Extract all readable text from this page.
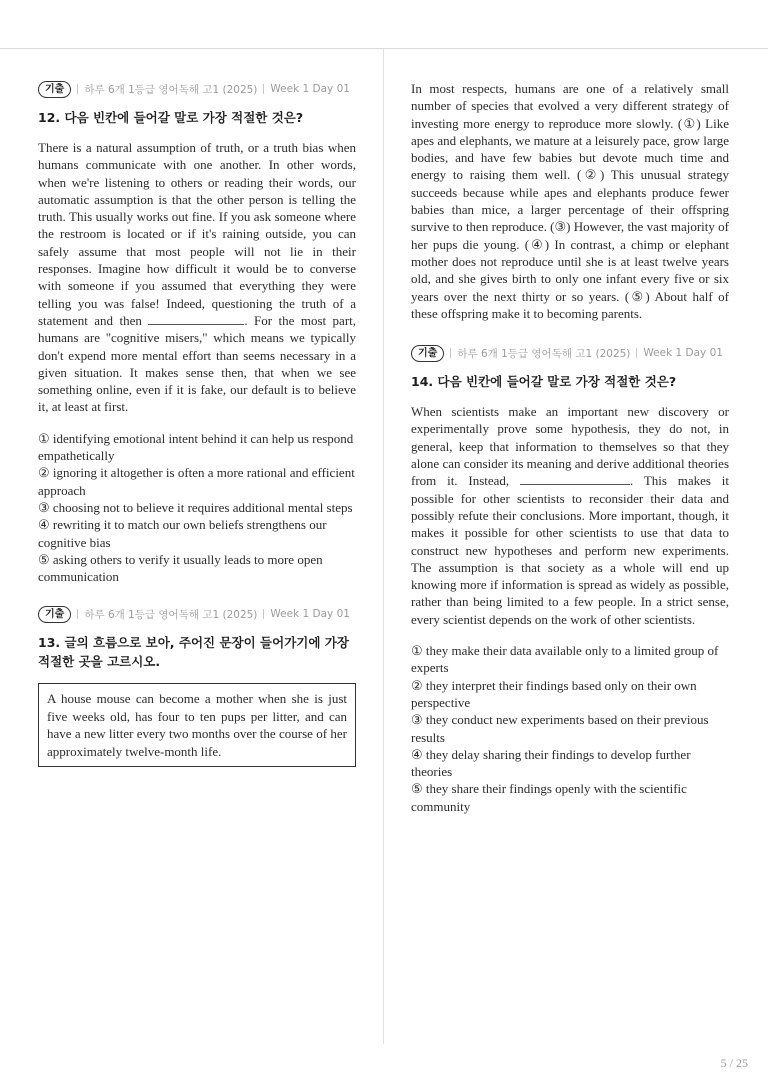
기출	하루 6개 1등급 영어독해 고1 (2025) Week 1 Day 01
12. 다음 빈칸에 들어갈 말로 가장 적절한 것은?

There is a natural assumption of truth, or a truth bias when humans communicate with one another. In other words, when we're listening to others or reading their words, our automatic assumption is that the other person is telling the truth. This usually works out fine. If you ask someone where the restroom is located or if it's raining outside, you can safely assume that most people will not lie in their responses. Imagine how difficult it would be to converse with someone if you assumed that everything they were telling you was false! Indeed, questioning the truth of a statement and then	. For the most part, humans are "cognitive misers," which means we typically don't expend more mental effort than seems necessary in a given situation. It makes sense then, that when we see something online, even if it is fake, our default is to believe it, at least at first.

① identifying emotional intent behind it can help us respond empathetically
② ignoring it altogether is often a more rational and efficient approach
③ choosing not to believe it requires additional mental steps
④ rewriting it to match our own beliefs strengthens our cognitive bias
⑤ asking others to verify it usually leads to more open communication
기출	하루 6개 1등급 영어독해 고1 (2025) Week 1 Day 01
13. 글의 흐름으로 보아, 주어진 문장이 들어가기에 가장 적절한 곳을 고르시오.
A house mouse can become a mother when she is just five weeks old, has four to ten pups per litter, and can have a new litter every two months over the course of her approximately twelve-month life.

In most respects, humans are one of a relatively small number of species that evolved a very different strategy of investing more energy to reproduce more slowly. (①) Like apes and elephants, we mature at a leisurely pace, grow large bodies, and have few babies but devote much time and energy to raising them well. (②) This unusual strategy succeeds because while apes and elephants produce fewer babies than mice, a larger percentage of their offspring survive to then reproduce. (③) However, the vast majority of her pups die young. (④) In contrast, a chimp or elephant mother does not reproduce until she is at least twelve years old, and she gives birth to only one infant every five or six years over the next thirty or so years. (⑤) About half of these offspring make it to becoming parents.

기출	하루 6개 1등급 영어독해 고1 (2025) Week 1 Day 01
14. 다음 빈칸에 들어갈 말로 가장 적절한 것은?

When scientists make an important new discovery or experimentally prove some hypothesis, they do not, in general, keep that information to themselves so that they alone can consider its meaning and derive additional theories from it. Instead,	. This makes it possible for other scientists to reconsider their data and possibly refute their conclusions. More important, though, it makes it possible for other scientists to use that data to construct new hypotheses and perform new experiments. The assumption is that society as a whole will end up knowing more if information is spread as widely as possible, rather than being limited to a few people. In a strict sense, every scientist depends on the work of other scientists.

① they make their data available only to a limited group of experts
② they interpret their findings based only on their own perspective
③ they conduct new experiments based on their previous results
④ they delay sharing their findings to develop further theories
⑤ they share their findings openly with the scientific community
5 / 25
